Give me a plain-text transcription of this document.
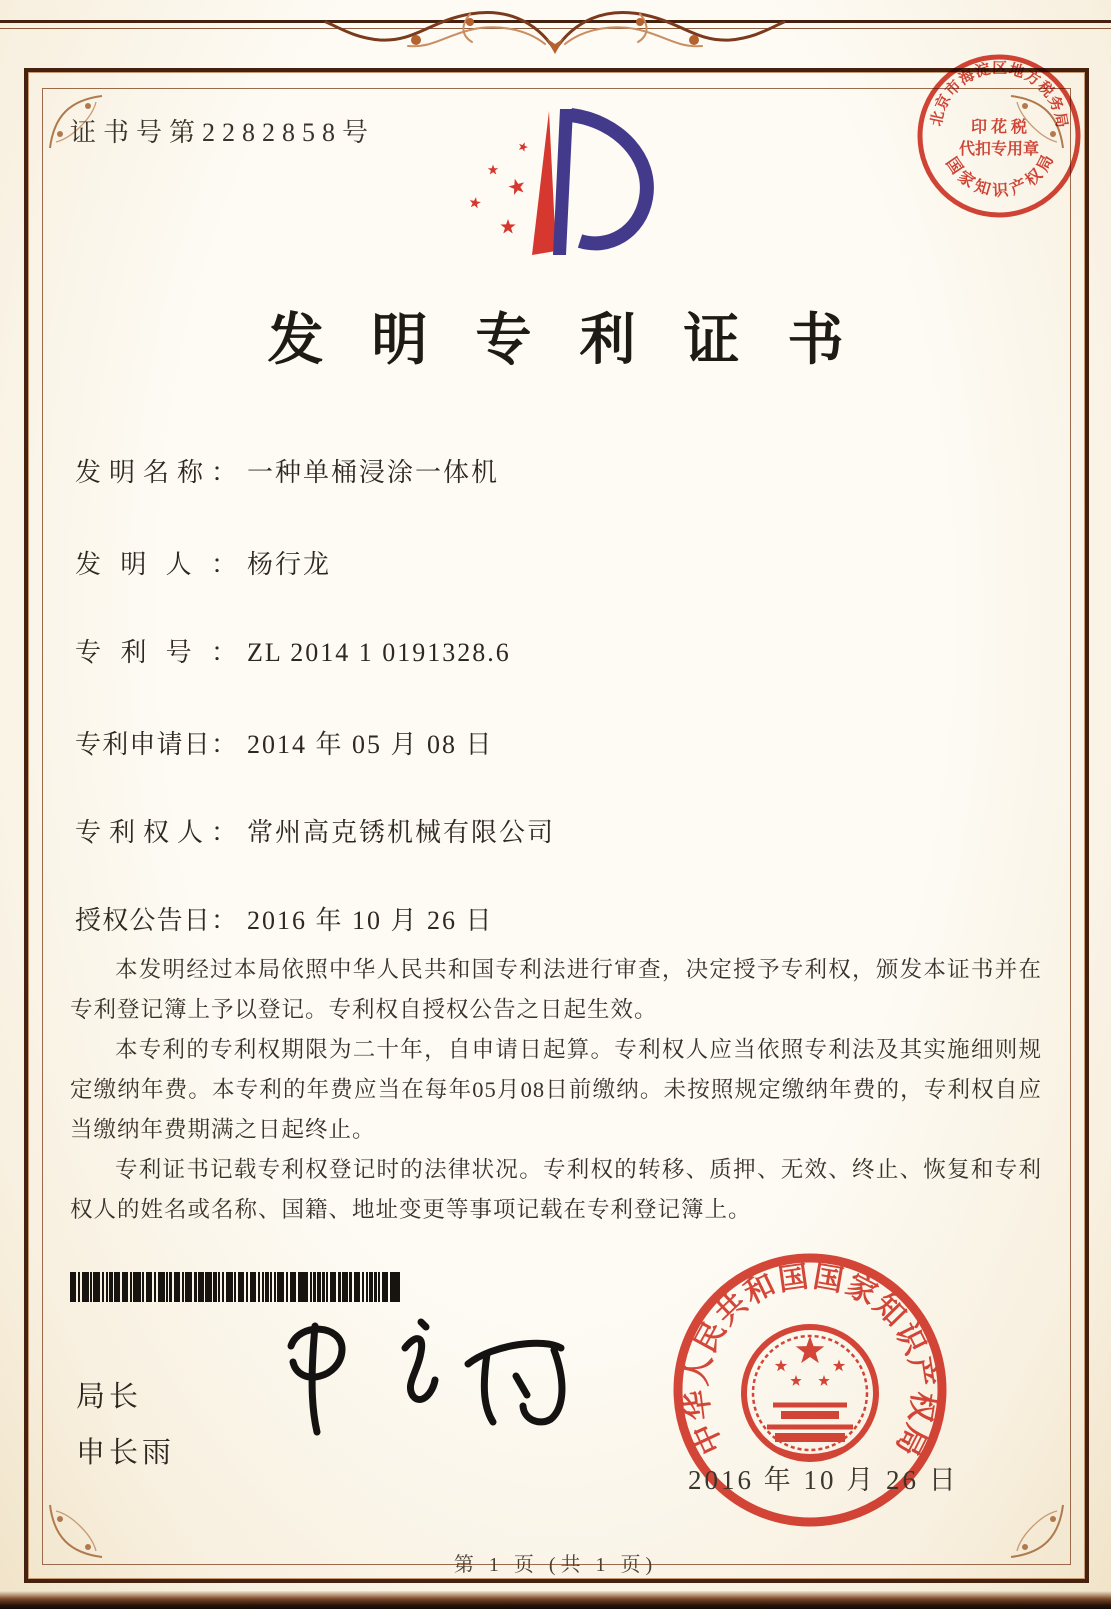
证书号第2282858号	北京市海淀区地方税务局
国家知识产权局
印 花 税
代扣专用章
发明专利证书
发明名称： 一种单桶浸涂一体机
发明人： 杨行龙
专利号： ZL 2014 1 0191328.6
专利申请日： 2014 年 05 月 08 日
专利权人： 常州高克锈机械有限公司
授权公告日： 2016 年 10 月 26 日

本发明经过本局依照中华人民共和国专利法进行审查，决定授予专利权，颁发本证书并在专利登记簿上予以登记。专利权自授权公告之日起生效。

本专利的专利权期限为二十年，自申请日起算。专利权人应当依照专利法及其实施细则规定缴纳年费。本专利的年费应当在每年05月08日前缴纳。未按照规定缴纳年费的，专利权自应当缴纳年费期满之日起终止。

专利证书记载专利权登记时的法律状况。专利权的转移、质押、无效、终止、恢复和专利权人的姓名或名称、国籍、地址变更等事项记载在专利登记簿上。

局长
申长雨	中华人民共和国国家知识产权局
2016 年 10 月 26 日
第 1 页 (共 1 页)
